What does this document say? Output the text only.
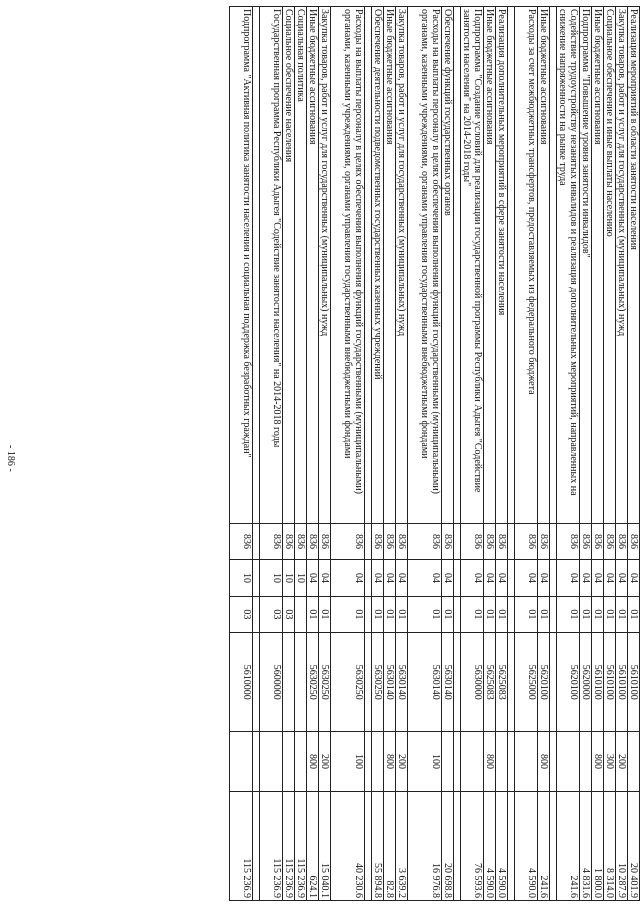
- 186 -
Реализация мероприятий в области занятости населения	836	04	01	5610100		20 401.9
Закупка товаров, работ и услуг для государственных (муниципальных) нужд	836	04	01	5610100	200	10 287.9
Социальное обеспечение и иные выплаты населению	836	04	01	5610100	300	8 314.0
Иные бюджетные ассигнования	836	04	01	5610100	800	1 800.0
Подпрограмма "Повышение уровня занятости инвалидов"	836	04	01	5620000		4 831.6
Содействие трудоустройству незанятых инвалидов и реализация дополнительных мероприятий, направленных на снижение напряженности на рынке труда	836	04	01	5620100		241.6

Иные бюджетные ассигнования	836	04	01	5620100	800	241.6
Расходы за счет межбюджетных трансфертов, предоставляемых из федерального бюджета	836	04	01	5625000		4 590.0

Реализация дополнительных мероприятий в сфере занятости населения	836	04	01	5625083		4 590.0
Иные бюджетные ассигнования	836	04	01	5625083	800	4 590.0
Подпрограмма "Создание условий для реализации государственной программы Республики Адыгея "Содействие занятости населения" на 2014-2018 годы"	836	04	01	5630000		76 593.6

Обеспечение функций государственных органов	836	04	01	5630140		20 698.8
Расходы на выплаты персоналу в целях обеспечения выполнения функций государственными (муниципальными) органами, казенными учреждениями, органами управления государственными внебюджетными фондами	836	04	01	5630140	100	16 976.8
Закупка товаров, работ и услуг для государственных (муниципальных) нужд	836	04	01	5630140	200	3 639.2
Иные бюджетные ассигнования	836	04	01	5630140	800	82.8
Обеспечение деятельности подведомственных государственных казенных учреждений	836	04	01	5630250		55 894.8

Расходы на выплаты персоналу в целях обеспечения выполнения функций государственными (муниципальными) органами, казенными учреждениями, органами управления государственными внебюджетными фондами	836	04	01	5630250	100	40 230.6
Закупка товаров, работ и услуг для государственных (муниципальных) нужд	836	04	01	5630250	200	15 040.1
Иные бюджетные ассигнования	836	04	01	5630250	800	624.1
Социальная политика	836	10				115 236.9
Социальное обеспечение населения	836	10	03			115 236.9
Государственная программа Республики Адыгея "Содействие занятости населения" на 2014-2018 годы	836	10	03	5600000		115 236.9

Подпрограмма "Активная политика занятости населения и социальная поддержка безработных граждан"	836	10	03	5610000		115 236.9
